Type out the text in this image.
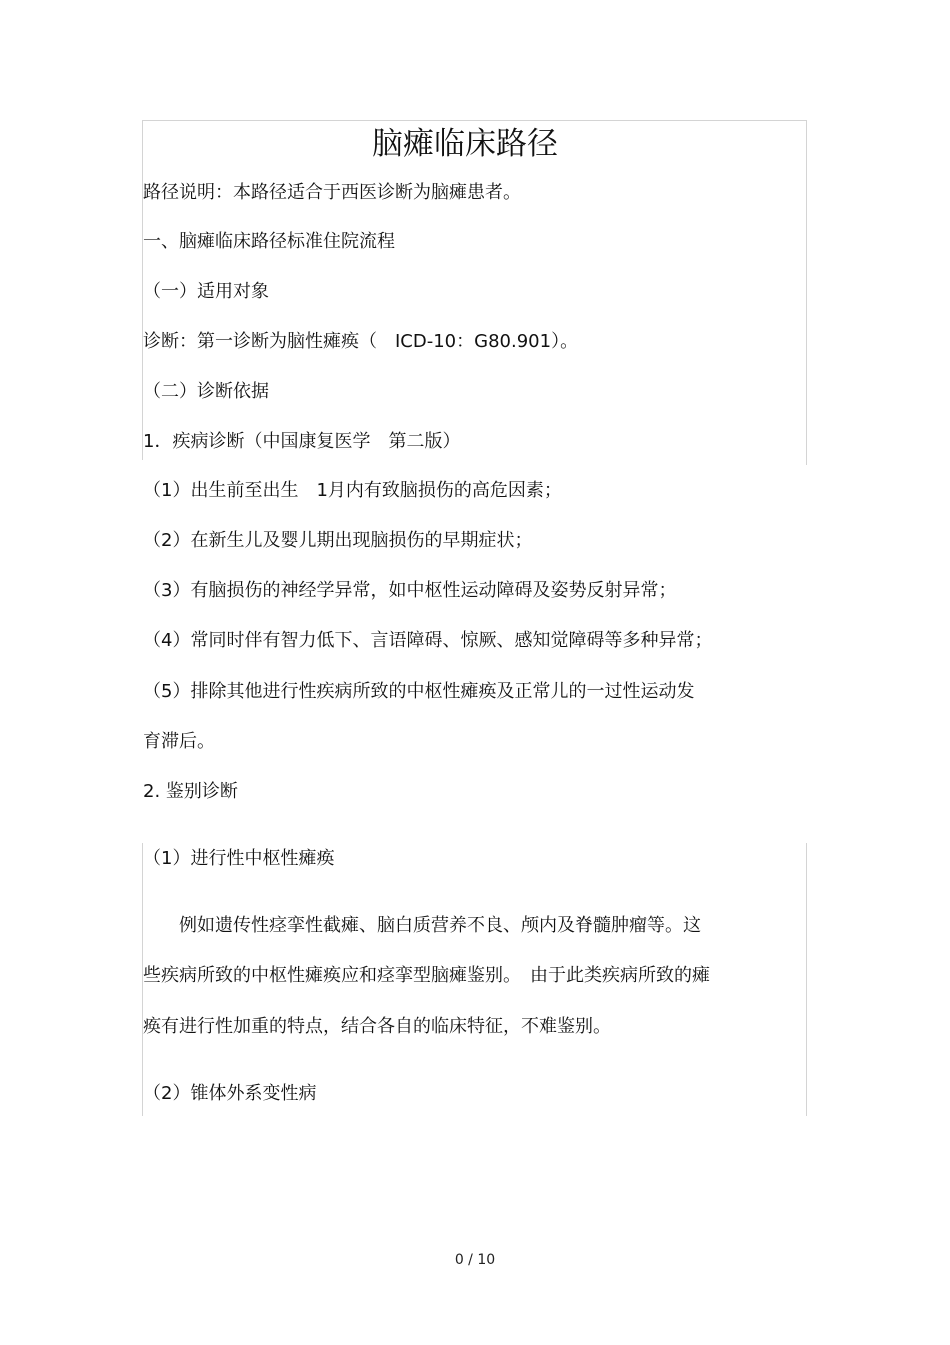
脑瘫临床路径
路径说明：本路径适合于西医诊断为脑瘫患者。
一、脑瘫临床路径标准住院流程
（一）适用对象
诊断：第一诊断为脑性瘫痪（　ICD-10：G80.901）。
（二）诊断依据
1．疾病诊断（中国康复医学　第二版）
（1）出生前至出生　1月内有致脑损伤的高危因素；
（2）在新生儿及婴儿期出现脑损伤的早期症状；
（3）有脑损伤的神经学异常，如中枢性运动障碍及姿势反射异常；
（4）常同时伴有智力低下、言语障碍、惊厥、感知觉障碍等多种异常；
（5）排除其他进行性疾病所致的中枢性瘫痪及正常儿的一过性运动发
育滞后。
2. 鉴别诊断
（1）进行性中枢性瘫痪
　　例如遗传性痉挛性截瘫、脑白质营养不良、颅内及脊髓肿瘤等。这
些疾病所致的中枢性瘫痪应和痉挛型脑瘫鉴别。　由于此类疾病所致的瘫
痪有进行性加重的特点，结合各自的临床特征，不难鉴别。
（2）锥体外系变性病
0 / 10
